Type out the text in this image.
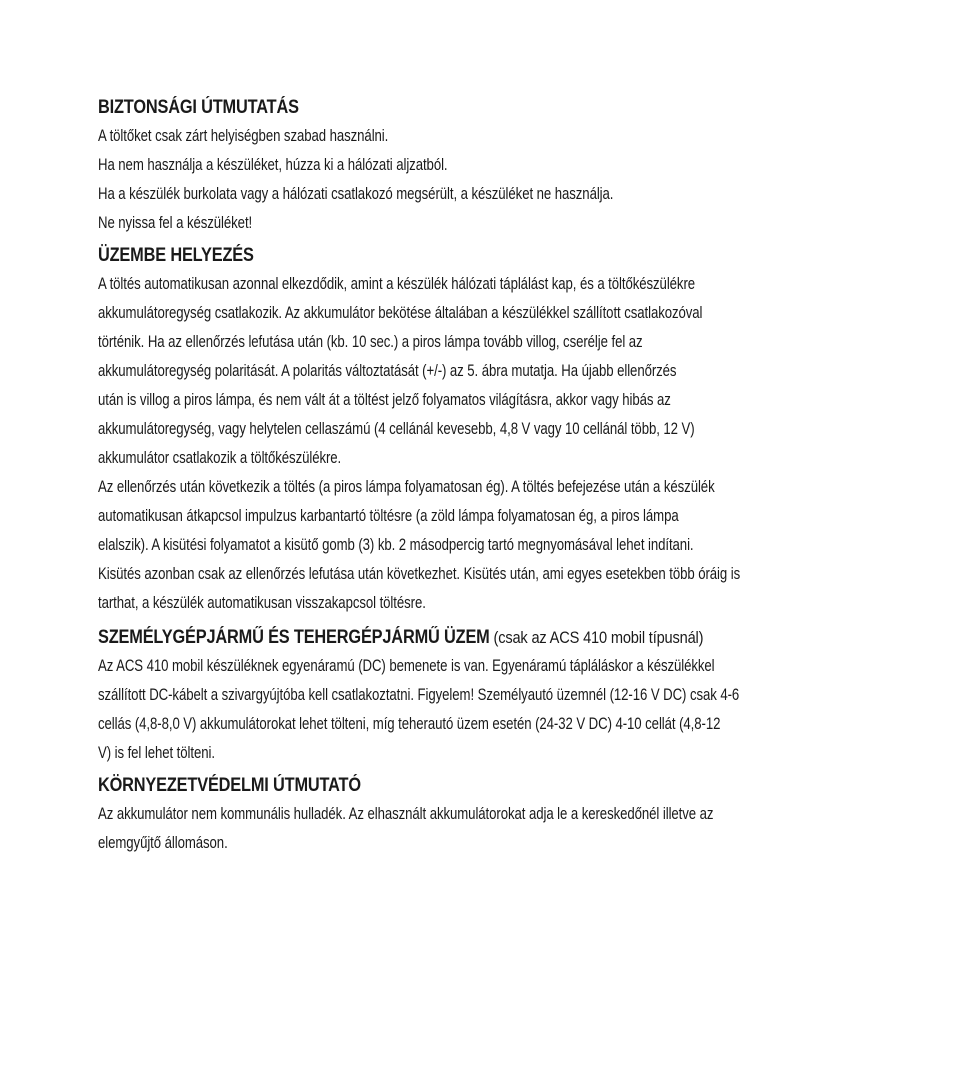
BIZTONSÁGI ÚTMUTATÁS
A töltőket csak zárt helyiségben szabad használni.
Ha nem használja a készüléket, húzza ki a hálózati aljzatból.
Ha a készülék burkolata vagy a hálózati csatlakozó megsérült, a készüléket ne használja.
Ne nyissa fel a készüléket!
ÜZEMBE HELYEZÉS
A töltés automatikusan azonnal elkezdődik, amint a készülék hálózati táplálást kap, és a töltőkészülékre
akkumulátoregység csatlakozik. Az akkumulátor bekötése általában a készülékkel szállított csatlakozóval
történik. Ha az ellenőrzés lefutása után (kb. 10 sec.) a piros lámpa tovább villog, cserélje fel az
akkumulátoregység polaritását. A polaritás változtatását (+/-) az 5. ábra mutatja. Ha újabb ellenőrzés
után is villog a piros lámpa, és nem vált át a töltést jelző folyamatos világításra, akkor vagy hibás az
akkumulátoregység, vagy helytelen cellaszámú (4 cellánál kevesebb, 4,8 V vagy 10 cellánál több, 12 V)
akkumulátor csatlakozik a töltőkészülékre.
Az ellenőrzés után következik a töltés (a piros lámpa folyamatosan ég). A töltés befejezése után a készülék
automatikusan átkapcsol impulzus karbantartó töltésre (a zöld lámpa folyamatosan ég, a piros lámpa
elalszik). A kisütési folyamatot a kisütő gomb (3) kb. 2 másodpercig tartó megnyomásával lehet indítani.
Kisütés azonban csak az ellenőrzés lefutása után következhet. Kisütés után, ami egyes esetekben több óráig is
tarthat, a készülék automatikusan visszakapcsol töltésre.
SZEMÉLYGÉPJÁRMŰ ÉS TEHERGÉPJÁRMŰ ÜZEM (csak az ACS 410 mobil típusnál)
Az ACS 410 mobil készüléknek egyenáramú (DC) bemenete is van. Egyenáramú tápláláskor a készülékkel
szállított DC-kábelt a szivargyújtóba kell csatlakoztatni. Figyelem! Személyautó üzemnél (12-16 V DC) csak 4-6
cellás (4,8-8,0 V) akkumulátorokat lehet tölteni, míg teherautó üzem esetén (24-32 V DC) 4-10 cellát (4,8-12
V) is fel lehet tölteni.
KÖRNYEZETVÉDELMI ÚTMUTATÓ
Az akkumulátor nem kommunális hulladék. Az elhasznált akkumulátorokat adja le a kereskedőnél illetve az
elemgyűjtő állomáson.
